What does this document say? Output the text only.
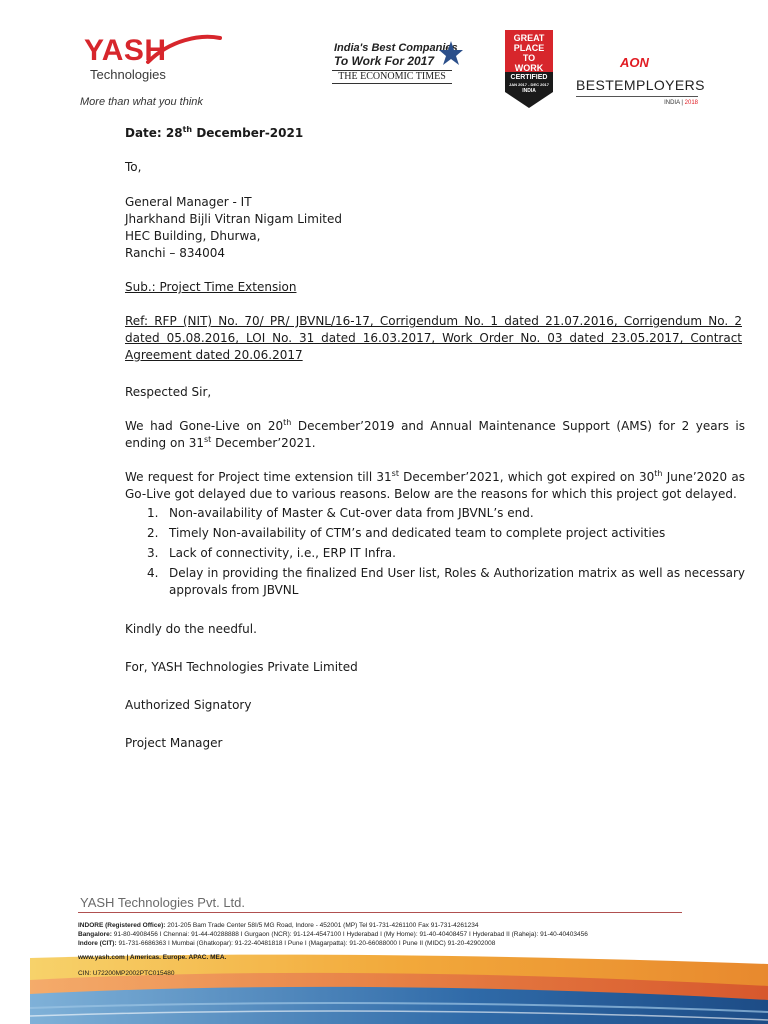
YASH
Technologies
More than what you think
India's Best Companies
To Work For 2017
THE ECONOMIC TIMES
GREAT
PLACE
TO
WORK
CERTIFIED
JAN 2017 - DEC 2017
INDIA
AON
BESTEMPLOYERS
INDIA | 2018

Date: 28th December-2021

To,

General Manager - IT

Jharkhand Bijli Vitran Nigam Limited

HEC Building, Dhurwa,

Ranchi – 834004

Sub.: Project Time Extension

Ref: RFP (NIT) No. 70/ PR/ JBVNL/16-17, Corrigendum No. 1 dated 21.07.2016, Corrigendum No. 2 dated 05.08.2016, LOI No. 31 dated 16.03.2017, Work Order No. 03 dated 23.05.2017, Contract Agreement dated 20.06.2017

Respected Sir,

We had Gone-Live on 20th December’2019 and Annual Maintenance Support (AMS) for 2 years is ending on 31st December’2021.

We request for Project time extension till 31st December’2021, which got expired on 30th June’2020 as Go-Live got delayed due to various reasons. Below are the reasons for which this project got delayed.

1. Non-availability of Master & Cut-over data from JBVNL’s end.
2. Timely Non-availability of CTM’s and dedicated team to complete project activities
3. Lack of connectivity, i.e., ERP IT Infra.
4. Delay in providing the finalized End User list, Roles & Authorization matrix as well as necessary approvals from JBVNL

Kindly do the needful.

For, YASH Technologies Private Limited

Authorized Signatory

Project Manager

YASH Technologies Pvt. Ltd.
INDORE (Registered Office): 201-205 Bam Trade Center 58I/5 MG Road, Indore - 452001 (MP) Tel 91-731-4261100 Fax 91-731-4261234
Bangalore: 91-80-4908456 I Chennai: 91-44-40288888 I Gurgaon (NCR): 91-124-4547100 I Hyderabad I (My Home): 91-40-40408457 I Hyderabad II (Raheja): 91-40-40403456
Indore (CIT): 91-731-6686363 I Mumbai (Ghatkopar): 91-22-40481818 I Pune I (Magarpatta): 91-20-66088000 I Pune II (MIDC) 91-20-42902008
www.yash.com | Americas. Europe. APAC. MEA.
CIN: U72200MP2002PTC015480
